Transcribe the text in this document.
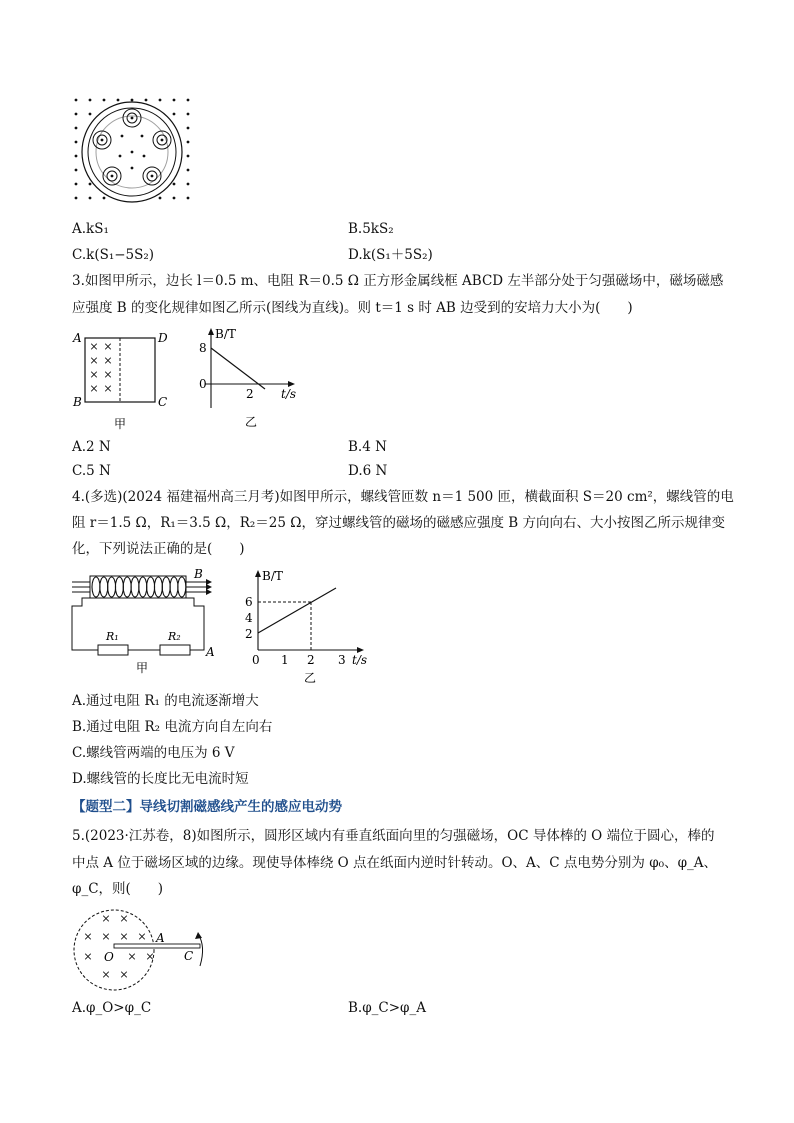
A.kS₁	B.5kS₂
C.k(S₁−5S₂)	D.k(S₁＋5S₂)
3.如图甲所示，边长 l＝0.5 m、电阻 R＝0.5 Ω 正方形金属线框 ABCD 左半部分处于匀强磁场中，磁场磁感
应强度 B 的变化规律如图乙所示(图线为直线)。则 t＝1 s 时 AB 边受到的安培力大小为(　　)
× ×
× ×
× ×
× ×
A	D
B	C
甲
B/T
8
0
2 t/s
乙
A.2 N	B.4 N
C.5 N	D.6 N
4.(多选)(2024 福建福州高三月考)如图甲所示，螺线管匝数 n＝1 500 匝，横截面积 S＝20 cm²，螺线管的电
阻 r＝1.5 Ω，R₁＝3.5 Ω，R₂＝25 Ω，穿过螺线管的磁场的磁感应强度 B 方向向右、大小按图乙所示规律变
化，下列说法正确的是(　　)
B
A
R₁	R₂
甲
B/T
6
4
2
0 1 2 3 t/s
乙
A.通过电阻 R₁ 的电流逐渐增大
B.通过电阻 R₂ 电流方向自左向右
C.螺线管两端的电压为 6 V
D.螺线管的长度比无电流时短
【题型二】导线切割磁感线产生的感应电动势
5.(2023·江苏卷，8)如图所示，圆形区域内有垂直纸面向里的匀强磁场，OC 导体棒的 O 端位于圆心，棒的
中点 A 位于磁场区域的边缘。现使导体棒绕 O 点在纸面内逆时针转动。O、A、C 点电势分别为 φ₀、φ_A、
φ_C，则(　　)
× ×
× × × ×
×	× ×
× ×
O
A
C
A.φ_O>φ_C	B.φ_C>φ_A
